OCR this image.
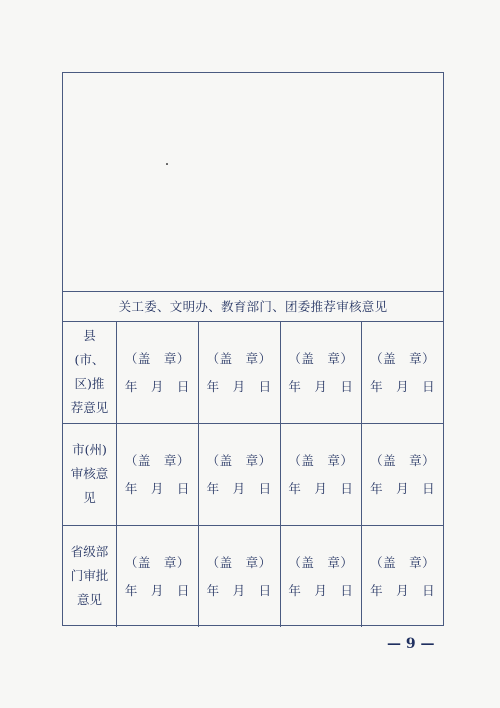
关工委、文明办、教育部门、团委推荐审核意见
县(市、区)推荐意见
（盖　章）
年　月　日
（盖　章）
年　月　日
（盖　章）
年　月　日
（盖　章）
年　月　日
市(州)审核意见
（盖　章）
年　月　日
（盖　章）
年　月　日
（盖　章）
年　月　日
（盖　章）
年　月　日
省级部门审批意见
（盖　章）
年　月　日
（盖　章）
年　月　日
（盖　章）
年　月　日
（盖　章）
年　月　日
— 9 —
